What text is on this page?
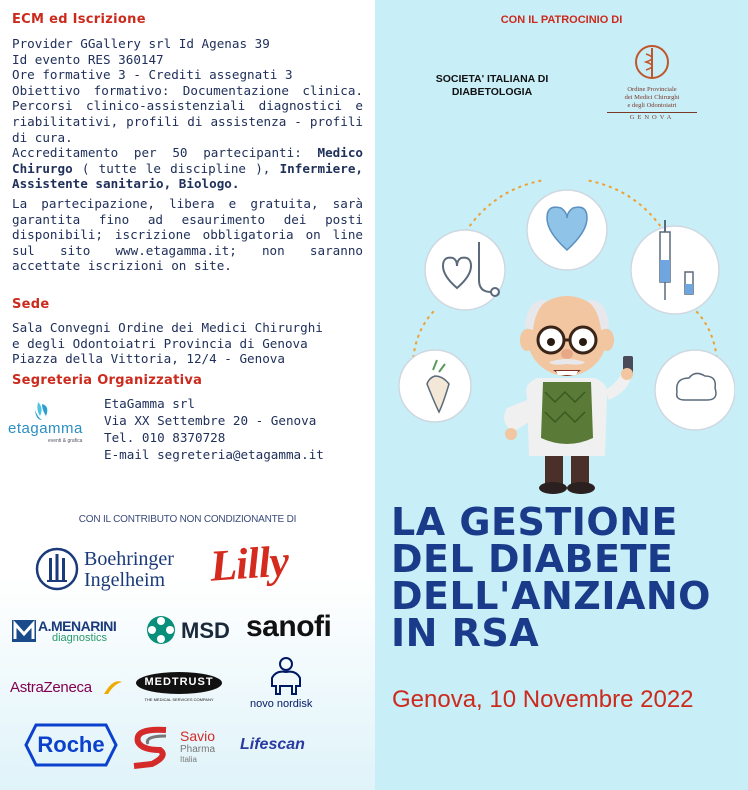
ECM ed Iscrizione
Provider GGallery srl Id Agenas 39
Id evento RES 360147
Ore formative 3 - Crediti assegnati 3
Obiettivo formativo: Documentazione clinica. Percorsi clinico-assistenziali diagnostici e riabilitativi, profili di assistenza - profili di cura.
Accreditamento per 50 partecipanti: Medico Chirurgo ( tutte le discipline ), Infermiere, Assistente sanitario, Biologo.
La partecipazione, libera e gratuita, sarà garantita fino ad esaurimento dei posti disponibili; iscrizione obbligatoria on line sul sito www.etagamma.it; non saranno accettate iscrizioni on site.
Sede
Sala Convegni Ordine dei Medici Chirurghi
e degli Odontoiatri Provincia di Genova
Piazza della Vittoria, 12/4 - Genova
Segreteria Organizzativa
etagamma
eventi & grafica
EtaGamma srl
Via XX Settembre 20 - Genova
Tel. 010 8370728
E-mail segreteria@etagamma.it
CON IL CONTRIBUTO NON CONDIZIONANTE DI
Boehringer
Ingelheim Lilly
A.MENARINI
diagnostics	MSD sanofi
AstraZeneca	MEDTRUST
THE MEDICAL SERVICES COMPANY	novo nordisk
Roche	Savio
Pharma
Italia
Lifescan
CON IL PATROCINIO DI
SOCIETA' ITALIANA DI
DIABETOLOGIA	Ordine Provinciale
dei Medici Chirurghi
e degli Odontoiatri
GENOVA
LA GESTIONE
DEL DIABETE
DELL'ANZIANO
IN RSA
Genova, 10 Novembre 2022
